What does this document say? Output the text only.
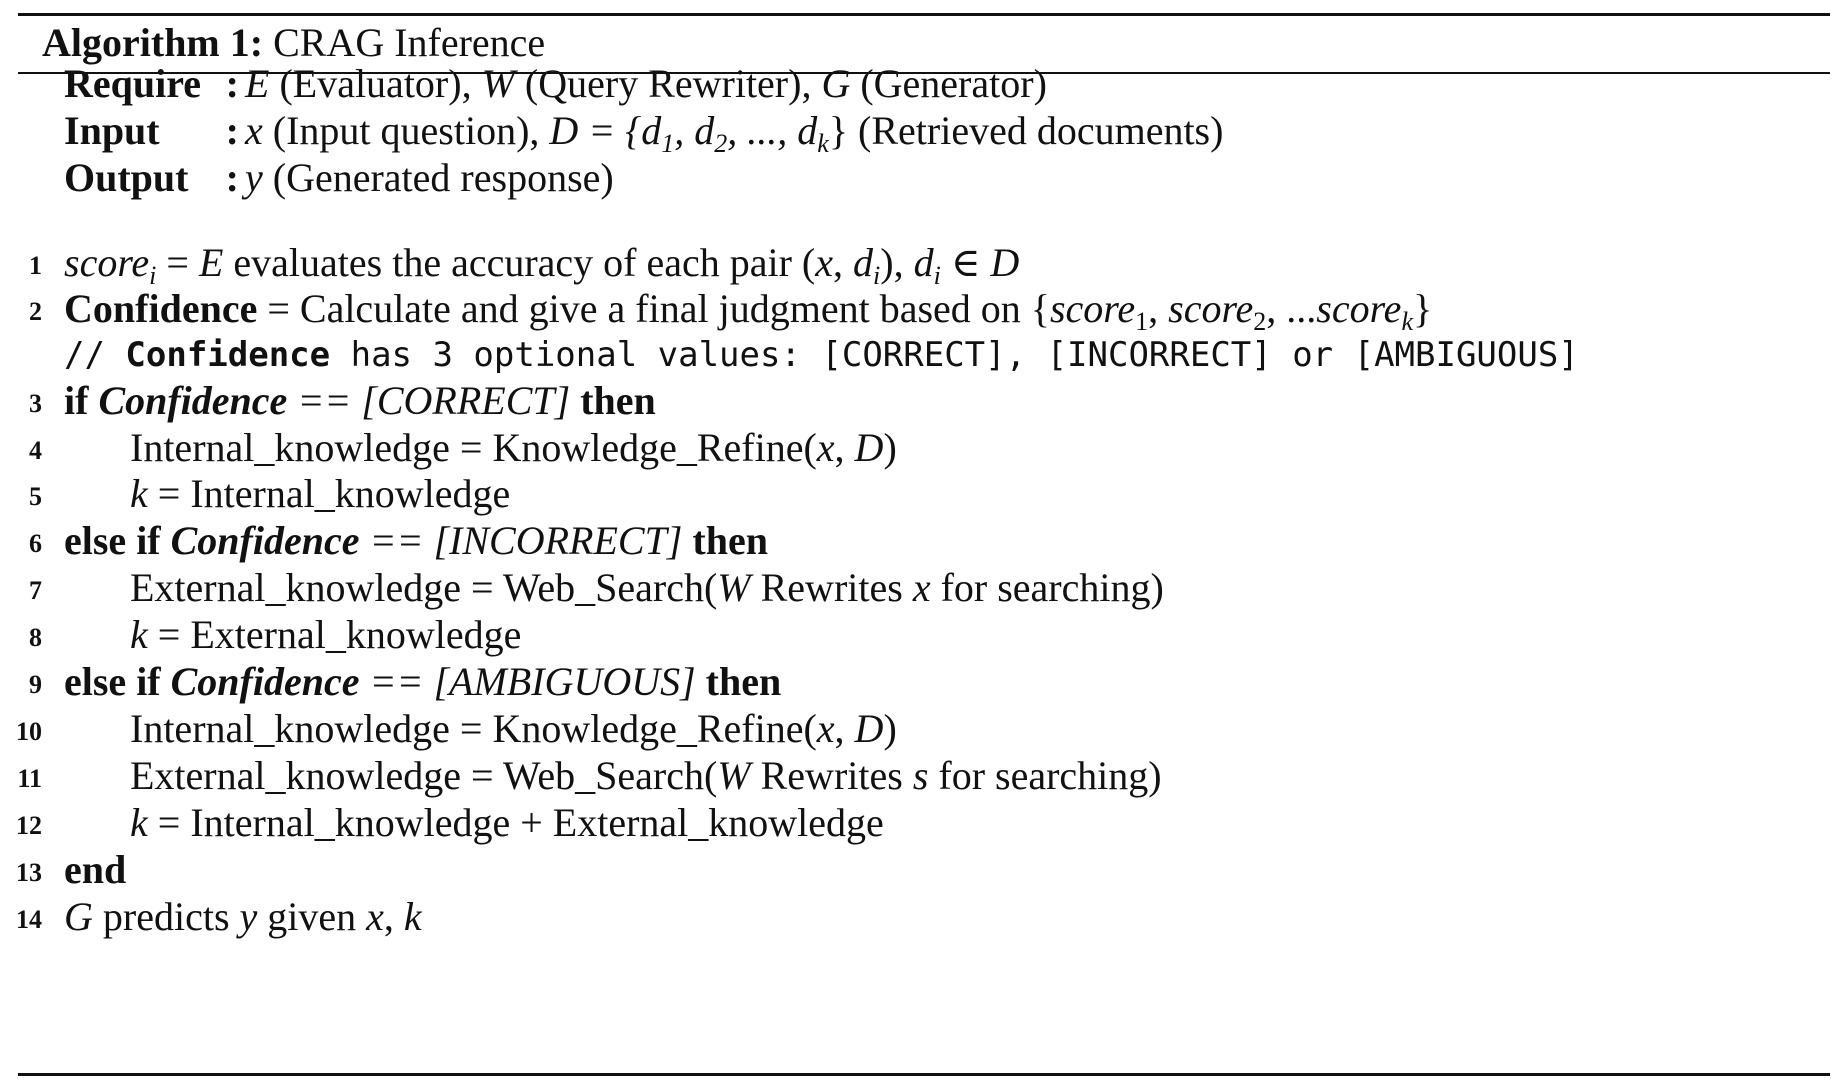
Algorithm 1: CRAG Inference
Require : E (Evaluator), W (Query Rewriter), G (Generator)
Input : x (Input question), $D = \{d_1$, $d_2$, ..., $d_k$} (Retrieved documents)
Output : y (Generated response)
1 score$_i$ = E evaluates the accuracy of each pair (x, $d_i$), $d_i$ ∈ D
2 Confidence = Calculate and give a final judgment based on {score$_1$, score$_2$, ...score$_k$}
// Confidence has 3 optional values: [CORRECT], [INCORRECT] or [AMBIGUOUS]
3 if Confidence == [CORRECT] then
4 Internal_knowledge = Knowledge_Refine(x, D)
5 k = Internal_knowledge
6 else if Confidence == [INCORRECT] then
7 External_knowledge = Web_Search(W Rewrites x for searching)
8 k = External_knowledge
9 else if Confidence == [AMBIGUOUS] then
10 Internal_knowledge = Knowledge_Refine(x, D)
11 External_knowledge = Web_Search(W Rewrites s for searching)
12 k = Internal_knowledge + External_knowledge
13 end
14 G predicts y given x, k
